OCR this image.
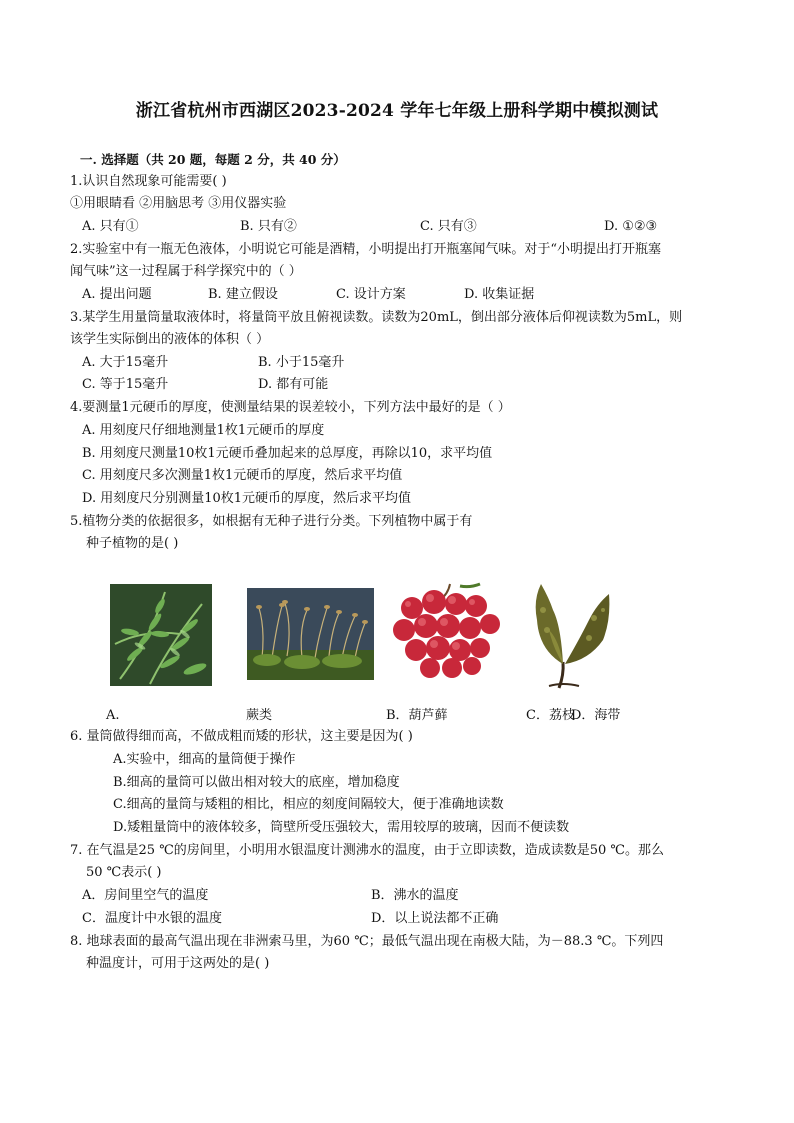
浙江省杭州市西湖区2023-2024 学年七年级上册科学期中模拟测试
一. 选择题（共 20 题，每题 2 分，共 40 分）
1.认识自然现象可能需要( )
①用眼睛看 ②用脑思考 ③用仪器实验
A. 只有①	B. 只有②	C. 只有③	D. ①②③
2.实验室中有一瓶无色液体，小明说它可能是酒精，小明提出打开瓶塞闻气味。对于“小明提出打开瓶塞
闻气味”这一过程属于科学探究中的（ ）
A. 提出问题	B. 建立假设	C. 设计方案	D. 收集证据
3.某学生用量筒量取液体时，将量筒平放且俯视读数。读数为20mL，倒出部分液体后仰视读数为5mL，则
该学生实际倒出的液体的体积（ ）
A. 大于15毫升	B. 小于15毫升
C. 等于15毫升	D. 都有可能
4.要测量1元硬币的厚度，使测量结果的误差较小，下列方法中最好的是（ ）
A. 用刻度尺仔细地测量1枚1元硬币的厚度
B. 用刻度尺测量10枚1元硬币叠加起来的总厚度，再除以10，求平均值
C. 用刻度尺多次测量1枚1元硬币的厚度，然后求平均值
D. 用刻度尺分别测量10枚1元硬币的厚度，然后求平均值
5.植物分类的依据很多，如根据有无种子进行分类。下列植物中属于有
种子植物的是( )
A.	蕨类	B．葫芦藓	C．荔枝
D．海带
6. 量筒做得细而高，不做成粗而矮的形状，这主要是因为( )
A.实验中，细高的量筒便于操作
B.细高的量筒可以做出相对较大的底座，增加稳度
C.细高的量筒与矮粗的相比，相应的刻度间隔较大，便于准确地读数
D.矮粗量筒中的液体较多，筒壁所受压强较大，需用较厚的玻璃，因而不便读数
7. 在气温是25 ℃的房间里，小明用水银温度计测沸水的温度，由于立即读数，造成读数是50 ℃。那么
50 ℃表示( )
A．房间里空气的温度	B．沸水的温度
C．温度计中水银的温度	D．以上说法都不正确
8. 地球表面的最高气温出现在非洲索马里，为60 ℃；最低气温出现在南极大陆，为－88.3 ℃。下列四
种温度计，可用于这两处的是( )
